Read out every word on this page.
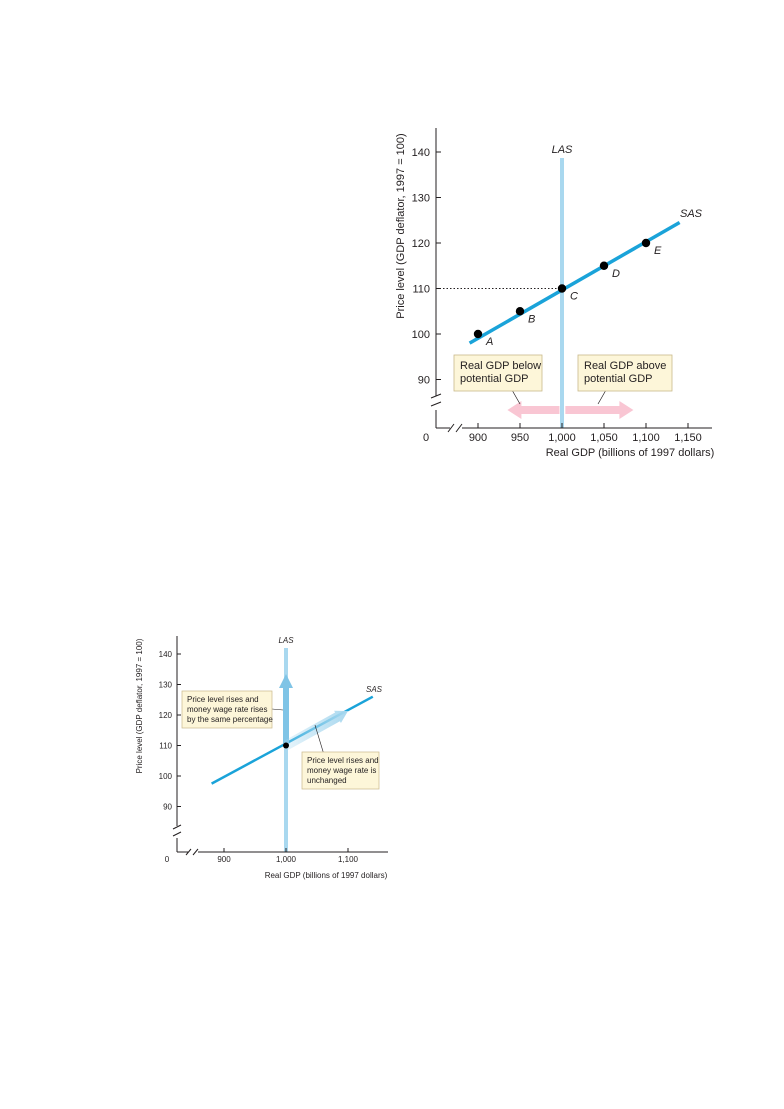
90
100
110
120
130
140
900 950 1,000 1,050 1,100 1,150
A
B
C
D
E
Real GDP below
potential GDP
Real GDP above
potential GDP
LAS
SAS
0
Real GDP (billions of 1997 dollars)
Price level (GDP deflator, 1997 = 100)
90
100
110
120
130
140
900	1,000	1,100
Price level rises and
money wage rate rises
by the same percentage
Price level rises and
money wage rate is
unchanged
LAS
SAS
0
Real GDP (billions of 1997 dollars)
Price level (GDP deflator, 1997 = 100)
